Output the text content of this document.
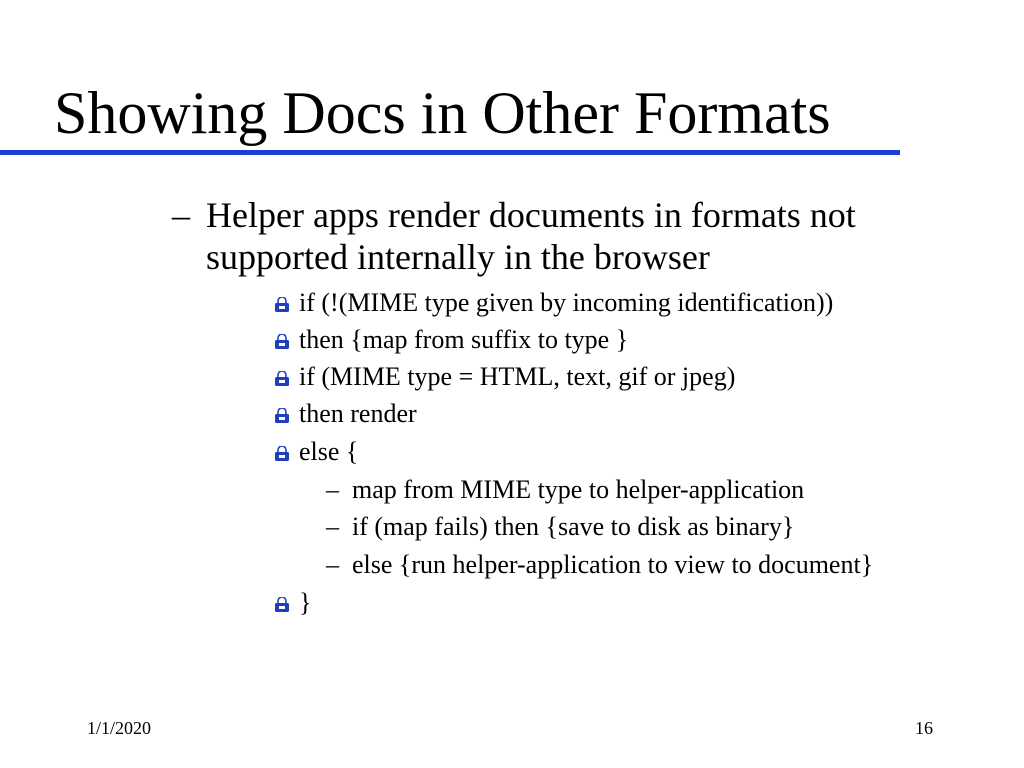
Showing Docs in Other Formats
– Helper apps render documents in formats not supported internally in the browser
if (!(MIME type given by incoming identification))
then {map from suffix to type }
if (MIME type = HTML, text, gif or jpeg)
then render
else {
– map from MIME type to helper-application
– if (map fails) then {save to disk as binary}
– else {run helper-application to view to document}
}
1/1/2020	16
